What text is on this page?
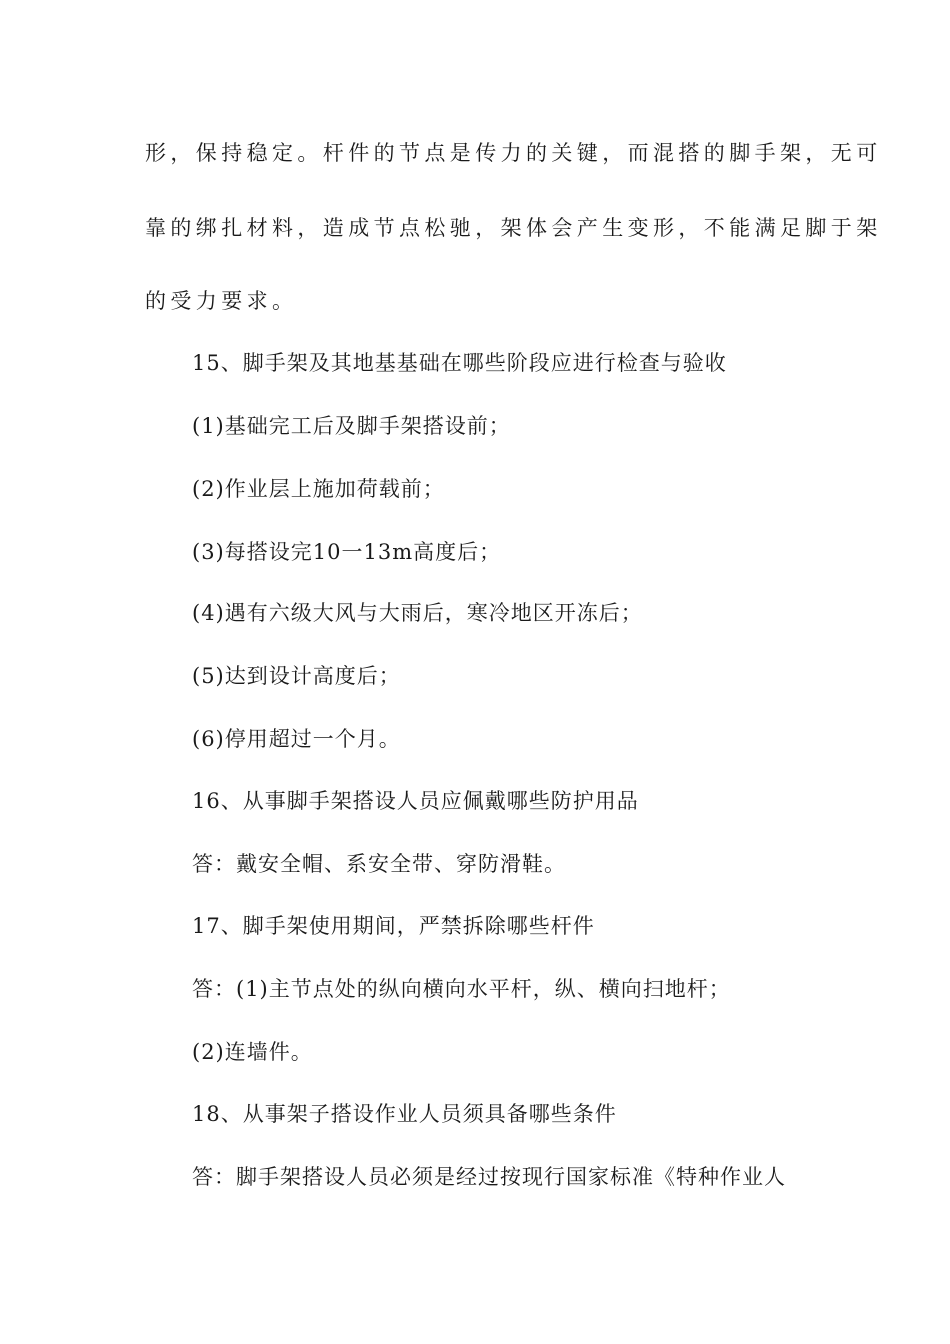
形，保持稳定。杆件的节点是传力的关键，而混搭的脚手架，无可
靠的绑扎材料，造成节点松驰，架体会产生变形，不能满足脚于架
的受力要求。
15、脚手架及其地基基础在哪些阶段应进行检查与验收
(1)基础完工后及脚手架搭设前；
(2)作业层上施加荷载前；
(3)每搭设完10一13m高度后；
(4)遇有六级大风与大雨后，寒冷地区开冻后；
(5)达到设计高度后；
(6)停用超过一个月。
16、从事脚手架搭设人员应佩戴哪些防护用品
答：戴安全帽、系安全带、穿防滑鞋。
17、脚手架使用期间，严禁拆除哪些杆件
答：(1)主节点处的纵向横向水平杆，纵、横向扫地杆；
(2)连墙件。
18、从事架子搭设作业人员须具备哪些条件
答：脚手架搭设人员必须是经过按现行国家标准《特种作业人
